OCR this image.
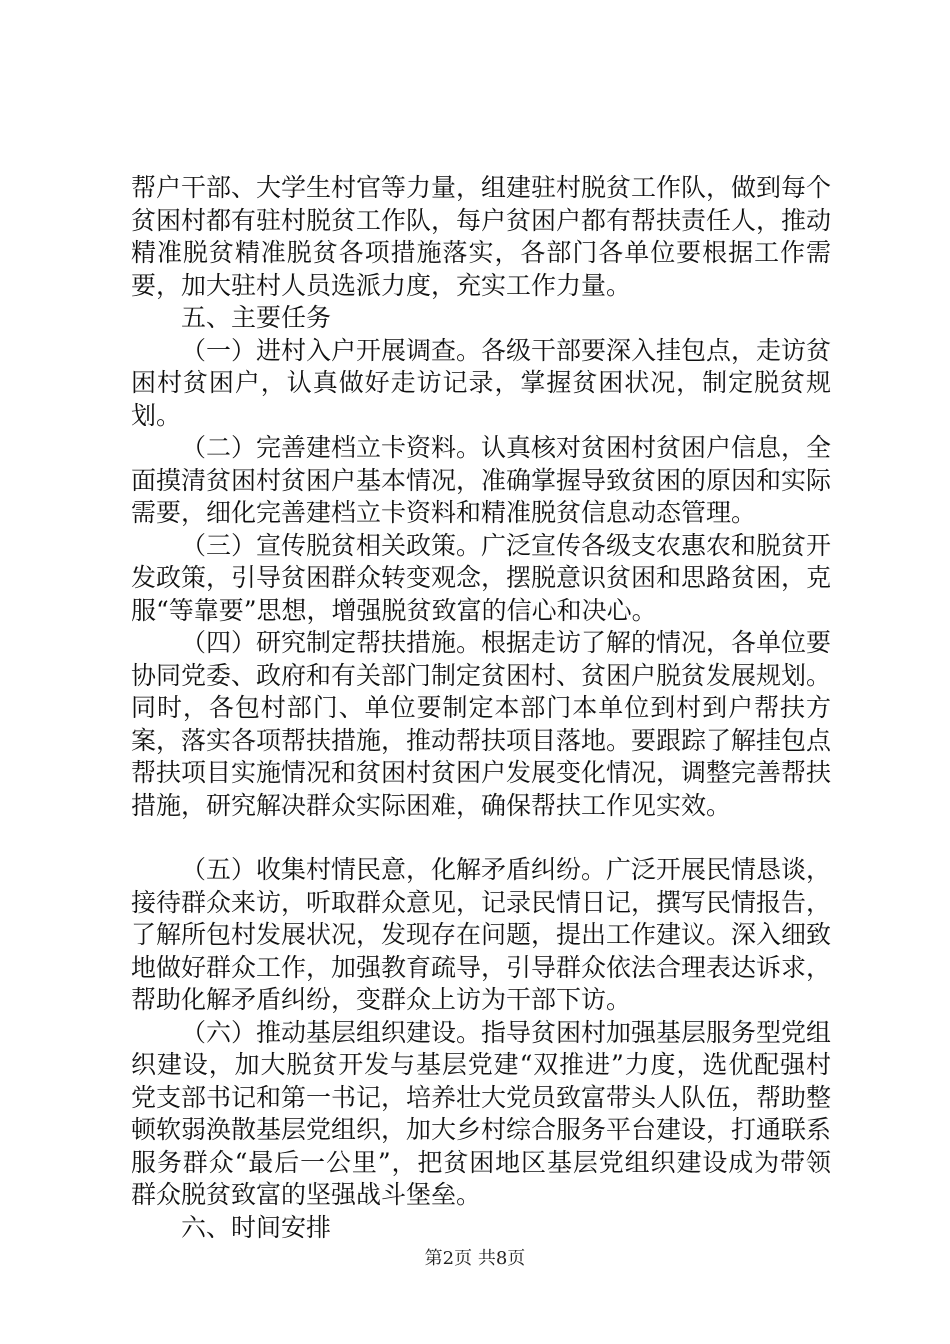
帮户干部、大学生村官等力量，组建驻村脱贫工作队，做到每个贫困村都有驻村脱贫工作队，每户贫困户都有帮扶责任人，推动精准脱贫精准脱贫各项措施落实，各部门各单位要根据工作需要，加大驻村人员选派力度，充实工作力量。

五、主要任务

（一）进村入户开展调查。各级干部要深入挂包点，走访贫困村贫困户，认真做好走访记录，掌握贫困状况，制定脱贫规划。

（二）完善建档立卡资料。认真核对贫困村贫困户信息，全面摸清贫困村贫困户基本情况，准确掌握导致贫困的原因和实际需要，细化完善建档立卡资料和精准脱贫信息动态管理。

（三）宣传脱贫相关政策。广泛宣传各级支农惠农和脱贫开发政策，引导贫困群众转变观念，摆脱意识贫困和思路贫困，克服“等靠要”思想，增强脱贫致富的信心和决心。

（四）研究制定帮扶措施。根据走访了解的情况，各单位要协同党委、政府和有关部门制定贫困村、贫困户脱贫发展规划。同时，各包村部门、单位要制定本部门本单位到村到户帮扶方案，落实各项帮扶措施，推动帮扶项目落地。要跟踪了解挂包点帮扶项目实施情况和贫困村贫困户发展变化情况，调整完善帮扶措施，研究解决群众实际困难，确保帮扶工作见实效。

（五）收集村情民意，化解矛盾纠纷。广泛开展民情恳谈，接待群众来访，听取群众意见，记录民情日记，撰写民情报告，了解所包村发展状况，发现存在问题，提出工作建议。深入细致地做好群众工作，加强教育疏导，引导群众依法合理表达诉求，帮助化解矛盾纠纷，变群众上访为干部下访。

（六）推动基层组织建设。指导贫困村加强基层服务型党组织建设，加大脱贫开发与基层党建“双推进”力度，选优配强村党支部书记和第一书记，培养壮大党员致富带头人队伍，帮助整顿软弱涣散基层党组织，加大乡村综合服务平台建设，打通联系服务群众“最后一公里”，把贫困地区基层党组织建设成为带领群众脱贫致富的坚强战斗堡垒。

六、时间安排

第2页 共8页
